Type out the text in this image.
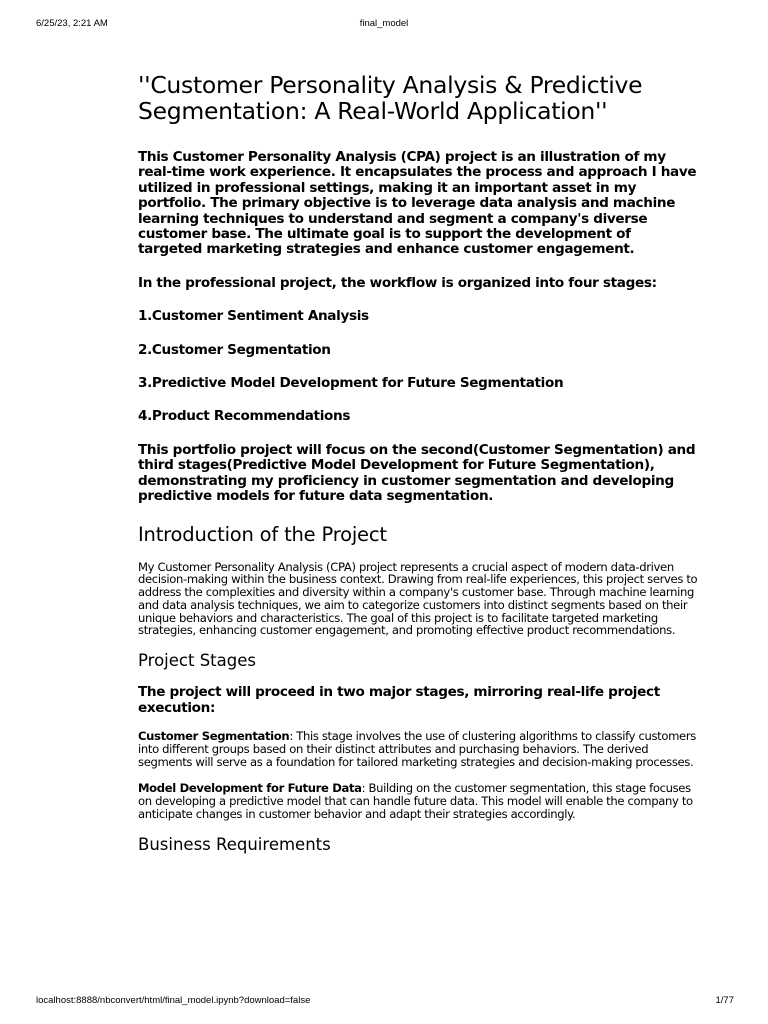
6/25/23, 2:21 AM	final_model
''Customer Personality Analysis & Predictive Segmentation: A Real-World Application''

This Customer Personality Analysis (CPA) project is an illustration of my real-time work experience. It encapsulates the process and approach I have utilized in professional settings, making it an important asset in my portfolio. The primary objective is to leverage data analysis and machine learning techniques to understand and segment a company's diverse customer base. The ultimate goal is to support the development of targeted marketing strategies and enhance customer engagement.

In the professional project, the workflow is organized into four stages:

1.Customer Sentiment Analysis

2.Customer Segmentation

3.Predictive Model Development for Future Segmentation

4.Product Recommendations

This portfolio project will focus on the second(Customer Segmentation) and third stages(Predictive Model Development for Future Segmentation), demonstrating my proficiency in customer segmentation and developing predictive models for future data segmentation.

Introduction of the Project

My Customer Personality Analysis (CPA) project represents a crucial aspect of modern data-driven decision-making within the business context. Drawing from real-life experiences, this project serves to address the complexities and diversity within a company's customer base. Through machine learning and data analysis techniques, we aim to categorize customers into distinct segments based on their unique behaviors and characteristics. The goal of this project is to facilitate targeted marketing strategies, enhancing customer engagement, and promoting effective product recommendations.

Project Stages

The project will proceed in two major stages, mirroring real-life project execution:

Customer Segmentation: This stage involves the use of clustering algorithms to classify customers into different groups based on their distinct attributes and purchasing behaviors. The derived segments will serve as a foundation for tailored marketing strategies and decision-making processes.

Model Development for Future Data: Building on the customer segmentation, this stage focuses on developing a predictive model that can handle future data. This model will enable the company to anticipate changes in customer behavior and adapt their strategies accordingly.

Business Requirements
localhost:8888/nbconvert/html/final_model.ipynb?download=false	1/77
